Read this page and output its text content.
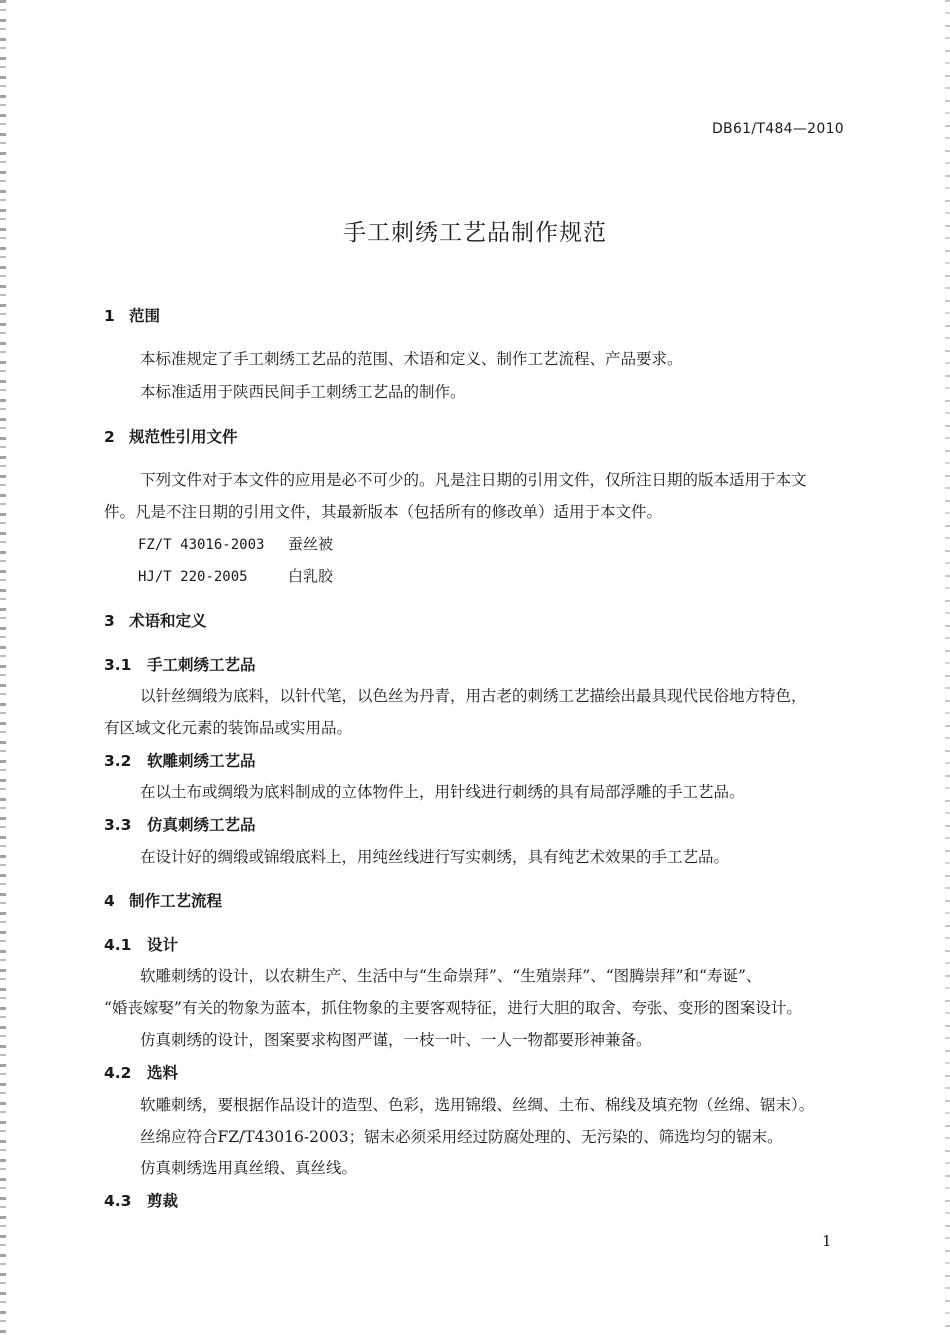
DB61/T484—2010
手工刺绣工艺品制作规范
1 范围
本标准规定了手工刺绣工艺品的范围、术语和定义、制作工艺流程、产品要求。
本标准适用于陕西民间手工刺绣工艺品的制作。
2 规范性引用文件
下列文件对于本文件的应用是必不可少的。凡是注日期的引用文件，仅所注日期的版本适用于本文
件。凡是不注日期的引用文件，其最新版本（包括所有的修改单）适用于本文件。
FZ/T 43016-2003 蚕丝被
HJ/T 220-2005	白乳胶
3 术语和定义
3.1 手工刺绣工艺品
以针丝绸缎为底料，以针代笔，以色丝为丹青，用古老的刺绣工艺描绘出最具现代民俗地方特色，
有区域文化元素的装饰品或实用品。
3.2 软雕刺绣工艺品
在以土布或绸缎为底料制成的立体物件上，用针线进行刺绣的具有局部浮雕的手工艺品。
3.3 仿真刺绣工艺品
在设计好的绸缎或锦缎底料上，用纯丝线进行写实刺绣，具有纯艺术效果的手工艺品。
4 制作工艺流程
4.1 设计
软雕刺绣的设计，以农耕生产、生活中与“生命崇拜”、“生殖崇拜”、“图腾崇拜”和“寿诞”、
“婚丧嫁娶”有关的物象为蓝本，抓住物象的主要客观特征，进行大胆的取舍、夸张、变形的图案设计。
仿真刺绣的设计，图案要求构图严谨，一枝一叶、一人一物都要形神兼备。
4.2 选料
软雕刺绣，要根据作品设计的造型、色彩，选用锦缎、丝绸、土布、棉线及填充物（丝绵、锯末）。
丝绵应符合FZ/T43016-2003；锯末必须采用经过防腐处理的、无污染的、筛选均匀的锯末。
仿真刺绣选用真丝缎、真丝线。
4.3 剪裁
1
